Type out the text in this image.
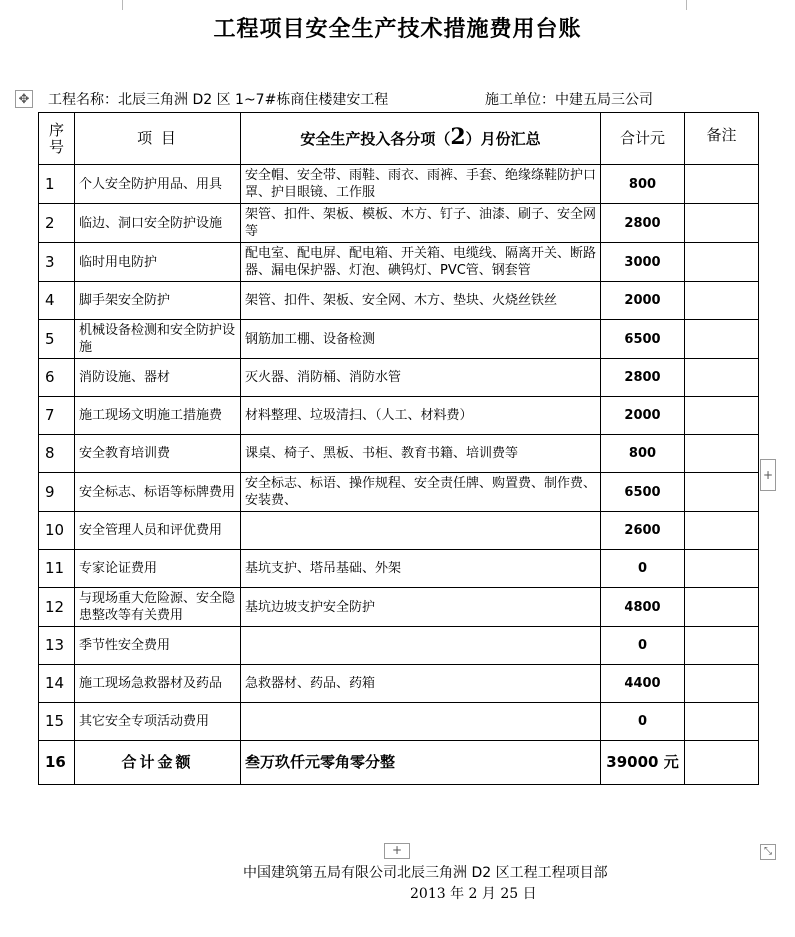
工程项目安全生产技术措施费用台账
✥ 工程名称：北辰三角洲 D2 区 1~7#栋商住楼建安工程	施工单位：中建五局三公司
序号	项 目	安全生产投入各分项（2）月份汇总	合计元	备注
1	个人安全防护用品、用具	安全帽、安全带、雨鞋、雨衣、雨裤、手套、绝缘绦鞋防护口罩、护目眼镜、工作服	800	
2	临边、洞口安全防护设施	架管、扣件、架板、模板、木方、钉子、油漆、刷子、安全网等	2800	
3	临时用电防护	配电室、配电屏、配电箱、开关箱、电缆线、隔离开关、断路器、漏电保护器、灯泡、碘钨灯、PVC管、钢套管	3000	
4	脚手架安全防护	架管、扣件、架板、安全网、木方、垫块、火烧丝铁丝	2000	
5	机械设备检测和安全防护设施	钢筋加工棚、设备检测	6500	
6	消防设施、器材	灭火器、消防桶、消防水管	2800	
7	施工现场文明施工措施费	材料整理、垃圾清扫、（人工、材料费）	2000	
8	安全教育培训费	课桌、椅子、黑板、书柜、教育书籍、培训费等	800	
9	安全标志、标语等标牌费用	安全标志、标语、操作规程、安全责任牌、购置费、制作费、安装费、	6500	
10	安全管理人员和评优费用		2600	
11	专家论证费用	基坑支护、塔吊基础、外架	0	
12	与现场重大危险源、安全隐患整改等有关费用	基坑边坡支护安全防护	4800	
13	季节性安全费用		0	
14	施工现场急救器材及药品	急救器材、药品、药箱	4400	
15	其它安全专项活动费用		0	
16	合计金额	叁万玖仟元零角零分整	39000 元	
+
+	⤡
中国建筑第五局有限公司北辰三角洲 D2 区工程工程项目部
2013 年 2 月 25 日
